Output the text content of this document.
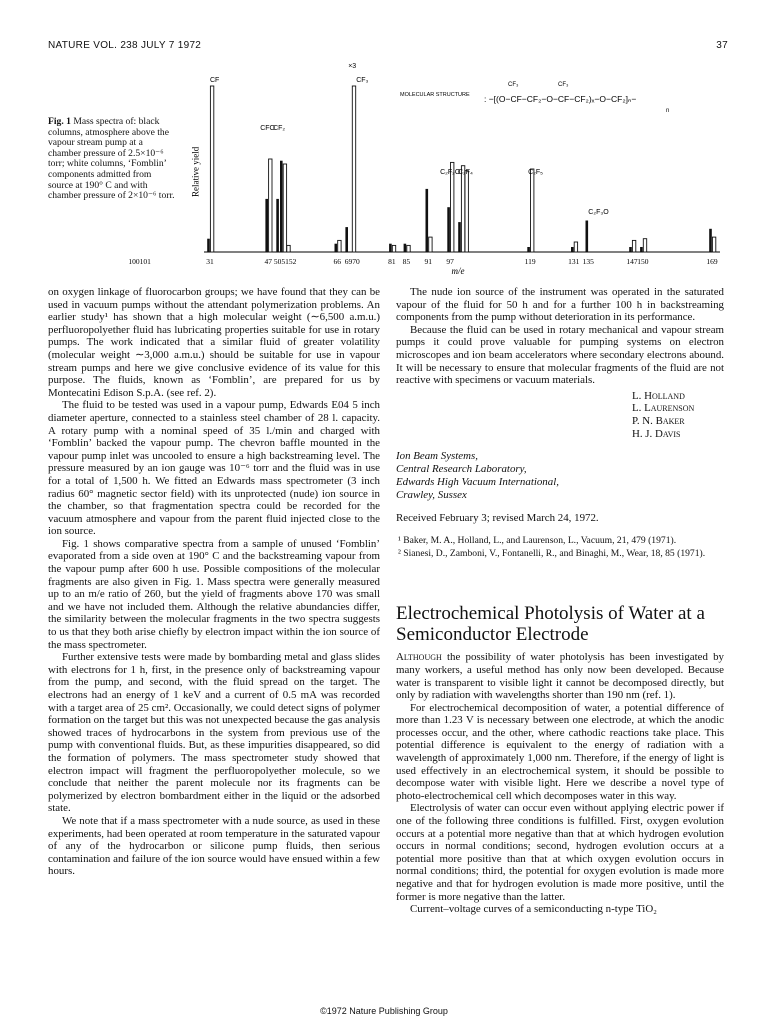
NATURE VOL. 238 JULY 7 1972	37
Fig. 1 Mass spectra of: black columns, atmosphere above the vapour stream pump at a chamber pressure of 2.5×10⁻⁶ torr; white columns, ‘Fomblin’ components admitted from source at 190° C and with chamber pressure of 2×10⁻⁶ torr.
31	47 505152	66 6970	81 85 91 97
100101	119	131 135	147 150	169
CF
CFO
CF₂
×3
CF₃
C₂F₂O
C₂F₄	C₂F₅
C₂F₃O
Relative yield
m/e
MOLECULAR STRUCTURE
CF₃	CF₃
: −[(O−CF−CF₂−O−CF−CF₂)ₓ−O−CF₂]ₙ−
n

on oxygen linkage of fluorocarbon groups; we have found that they can be used in vacuum pumps without the attendant polymerization problems. An earlier study¹ has shown that a high molecular weight (∼6,500 a.m.u.) perfluoropolyether fluid has lubricating properties suitable for use in rotary pumps. The work indicated that a similar fluid of greater volatility (molecular weight ∼3,000 a.m.u.) should be suitable for use in vapour stream pumps and here we give conclusive evidence of its value for this purpose. The fluids, known as ‘Fomblin’, are prepared for us by Montecatini Edison S.p.A. (see ref. 2).

The fluid to be tested was used in a vapour pump, Edwards E04 5 inch diameter aperture, connected to a stainless steel chamber of 28 l. capacity. A rotary pump with a nominal speed of 35 l./min and charged with ‘Fomblin’ backed the vapour pump. The chevron baffle mounted in the vapour pump inlet was uncooled to ensure a high backstreaming level. The pressure measured by an ion gauge was 10⁻⁶ torr and the fluid was in use for a total of 1,500 h. We fitted an Edwards mass spectrometer (3 inch radius 60° magnetic sector field) with its unprotected (nude) ion source in the chamber, so that fragmentation spectra could be recorded for the vacuum atmosphere and vapour from the parent fluid injected close to the ion source.

Fig. 1 shows comparative spectra from a sample of unused ‘Fomblin’ evaporated from a side oven at 190° C and the backstreaming vapour from the vapour pump after 600 h use. Possible compositions of the molecular fragments are also given in Fig. 1. Mass spectra were generally measured up to an m/e ratio of 260, but the yield of fragments above 170 was small and we have not included them. Although the relative abundancies differ, the similarity between the molecular fragments in the two spectra suggests to us that they both arise chiefly by electron impact within the ion source of the mass spectrometer.

Further extensive tests were made by bombarding metal and glass slides with electrons for 1 h, first, in the presence only of backstreaming vapour from the pump, and second, with the fluid spread on the target. The electrons had an energy of 1 keV and a current of 0.5 mA was recorded with a target area of 25 cm². Occasionally, we could detect signs of polymer formation on the target but this was not unexpected because the gas analysis showed traces of hydrocarbons in the system from previous use of the pump with conventional fluids. But, as these impurities disappeared, so did the formation of polymers. The mass spectrometer study showed that electron impact will fragment the perfluoropolyether molecule, so we conclude that neither the parent molecule nor its fragments can be polymerized by electron bombardment either in the liquid or the adsorbed state.

We note that if a mass spectrometer with a nude source, as used in these experiments, had been operated at room temperature in the saturated vapour of any of the hydrocarbon or silicone pump fluids, then serious contamination and failure of the ion source would have ensued within a few hours.

The nude ion source of the instrument was operated in the saturated vapour of the fluid for 50 h and for a further 100 h in backstreaming components from the pump without deterioration in its performance.

Because the fluid can be used in rotary mechanical and vapour stream pumps it could prove valuable for pumping systems on electron microscopes and ion beam accelerators where secondary electrons abound. It will be necessary to ensure that molecular fragments of the fluid are not reactive with specimens or vacuum materials.

L. Holland
L. Laurenson
P. N. Baker
H. J. Davis
Ion Beam Systems,
Central Research Laboratory,
Edwards High Vacuum International,
Crawley, Sussex
Received February 3; revised March 24, 1972.
¹ Baker, M. A., Holland, L., and Laurenson, L., Vacuum, 21, 479 (1971).
² Sianesi, D., Zamboni, V., Fontanelli, R., and Binaghi, M., Wear, 18, 85 (1971).
Electrochemical Photolysis of Water at a Semiconductor Electrode

Although the possibility of water photolysis has been investigated by many workers, a useful method has only now been developed. Because water is transparent to visible light it cannot be decomposed directly, but only by radiation with wavelengths shorter than 190 nm (ref. 1).

For electrochemical decomposition of water, a potential difference of more than 1.23 V is necessary between one electrode, at which the anodic processes occur, and the other, where cathodic reactions take place. This potential difference is equivalent to the energy of radiation with a wavelength of approximately 1,000 nm. Therefore, if the energy of light is used effectively in an electrochemical system, it should be possible to decompose water with visible light. Here we describe a novel type of photo-electrochemical cell which decomposes water in this way.

Electrolysis of water can occur even without applying electric power if one of the following three conditions is fulfilled. First, oxygen evolution occurs at a potential more negative than that at which hydrogen evolution occurs in normal conditions; second, hydrogen evolution occurs at a potential more positive than that at which oxygen evolution occurs in normal conditions; third, the potential for oxygen evolution is made more negative and that for hydrogen evolution is made more positive, until the former is more negative than the latter.

Current–voltage curves of a semiconducting n-type TiO₂

©1972 Nature Publishing Group
